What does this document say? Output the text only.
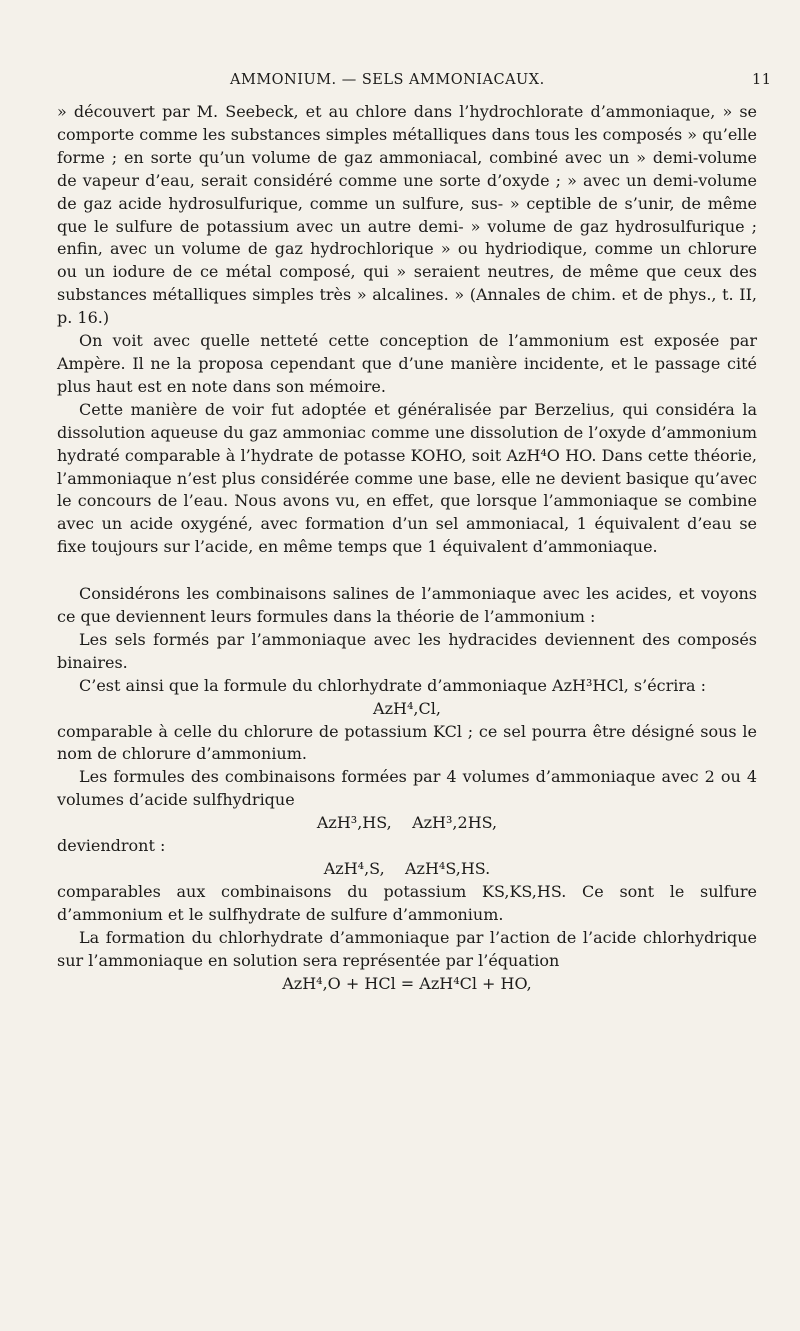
AMMONIUM. — SELS AMMONIACAUX.	11

» découvert par M. Seebeck, et au chlore dans l’hydrochlorate d’ammoniaque, » se comporte comme les substances simples métalliques dans tous les composés » qu’elle forme ; en sorte qu’un volume de gaz ammoniacal, combiné avec un » demi-volume de vapeur d’eau, serait considéré comme une sorte d’oxyde ; » avec un demi-volume de gaz acide hydrosulfurique, comme un sulfure, sus- » ceptible de s’unir, de même que le sulfure de potassium avec un autre demi- » volume de gaz hydrosulfurique ; enfin, avec un volume de gaz hydrochlorique » ou hydriodique, comme un chlorure ou un iodure de ce métal composé, qui » seraient neutres, de même que ceux des substances métalliques simples très » alcalines. » (Annales de chim. et de phys., t. II, p. 16.)

On voit avec quelle netteté cette conception de l’ammonium est exposée par Ampère. Il ne la proposa cependant que d’une manière incidente, et le passage cité plus haut est en note dans son mémoire.

Cette manière de voir fut adoptée et généralisée par Berzelius, qui considéra la dissolution aqueuse du gaz ammoniac comme une dissolution de l’oxyde d’ammonium hydraté comparable à l’hydrate de potasse KOHO, soit AzH⁴O HO. Dans cette théorie, l’ammoniaque n’est plus considérée comme une base, elle ne devient basique qu’avec le concours de l’eau. Nous avons vu, en effet, que lorsque l’ammoniaque se combine avec un acide oxygéné, avec formation d’un sel ammoniacal, 1 équivalent d’eau se fixe toujours sur l’acide, en même temps que 1 équivalent d’ammoniaque.

Considérons les combinaisons salines de l’ammoniaque avec les acides, et voyons ce que deviennent leurs formules dans la théorie de l’ammonium :

Les sels formés par l’ammoniaque avec les hydracides deviennent des composés binaires.

C’est ainsi que la formule du chlorhydrate d’ammoniaque AzH³HCl, s’écrira :

AzH⁴,Cl,

comparable à celle du chlorure de potassium KCl ; ce sel pourra être désigné sous le nom de chlorure d’ammonium.

Les formules des combinaisons formées par 4 volumes d’ammoniaque avec 2 ou 4 volumes d’acide sulfhydrique

AzH³,HS,    AzH³,2HS,

deviendront :

AzH⁴,S,    AzH⁴S,HS.

comparables aux combinaisons du potassium KS,KS,HS. Ce sont le sulfure d’ammonium et le sulfhydrate de sulfure d’ammonium.

La formation du chlorhydrate d’ammoniaque par l’action de l’acide chlorhydrique sur l’ammoniaque en solution sera représentée par l’équation

AzH⁴,O + HCl = AzH⁴Cl + HO,
